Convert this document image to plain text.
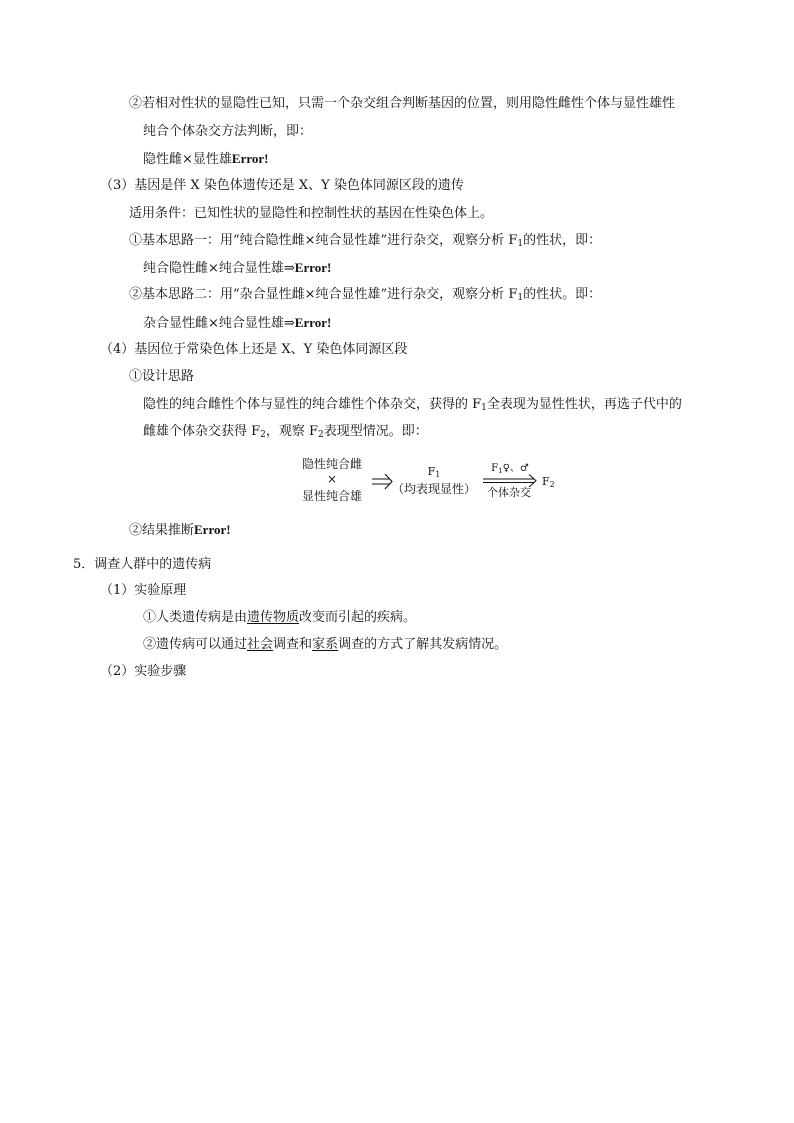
②若相对性状的显隐性已知，只需一个杂交组合判断基因的位置，则用隐性雌性个体与显性雄性
纯合个体杂交方法判断，即：
隐性雌×显性雄Error!
（3）基因是伴 X 染色体遗传还是 X、Y 染色体同源区段的遗传
适用条件：已知性状的显隐性和控制性状的基因在性染色体上。
①基本思路一：用“纯合隐性雌×纯合显性雄”进行杂交，观察分析 $F_1$的性状，即：
纯合隐性雌×纯合显性雄⇒Error!
②基本思路二：用“杂合显性雌×纯合显性雄”进行杂交，观察分析 $F_1$的性状。即：
杂合显性雌×纯合显性雄⇒Error!
（4）基因位于常染色体上还是 X、Y 染色体同源区段
①设计思路
隐性的纯合雌性个体与显性的纯合雄性个体杂交，获得的 $F_1$全表现为显性性状，再选子代中的
雌雄个体杂交获得 $F_2$，观察 $F_2$表现型情况。即：
隐性纯合雌
×
显性纯合雄
F1
（均表现显性）
$F_1♀$、♂
个体杂交
F2
②结果推断Error!
5．调查人群中的遗传病
（1）实验原理
①人类遗传病是由遗传物质改变而引起的疾病。
②遗传病可以通过社会调查和家系调查的方式了解其发病情况。
（2）实验步骤
